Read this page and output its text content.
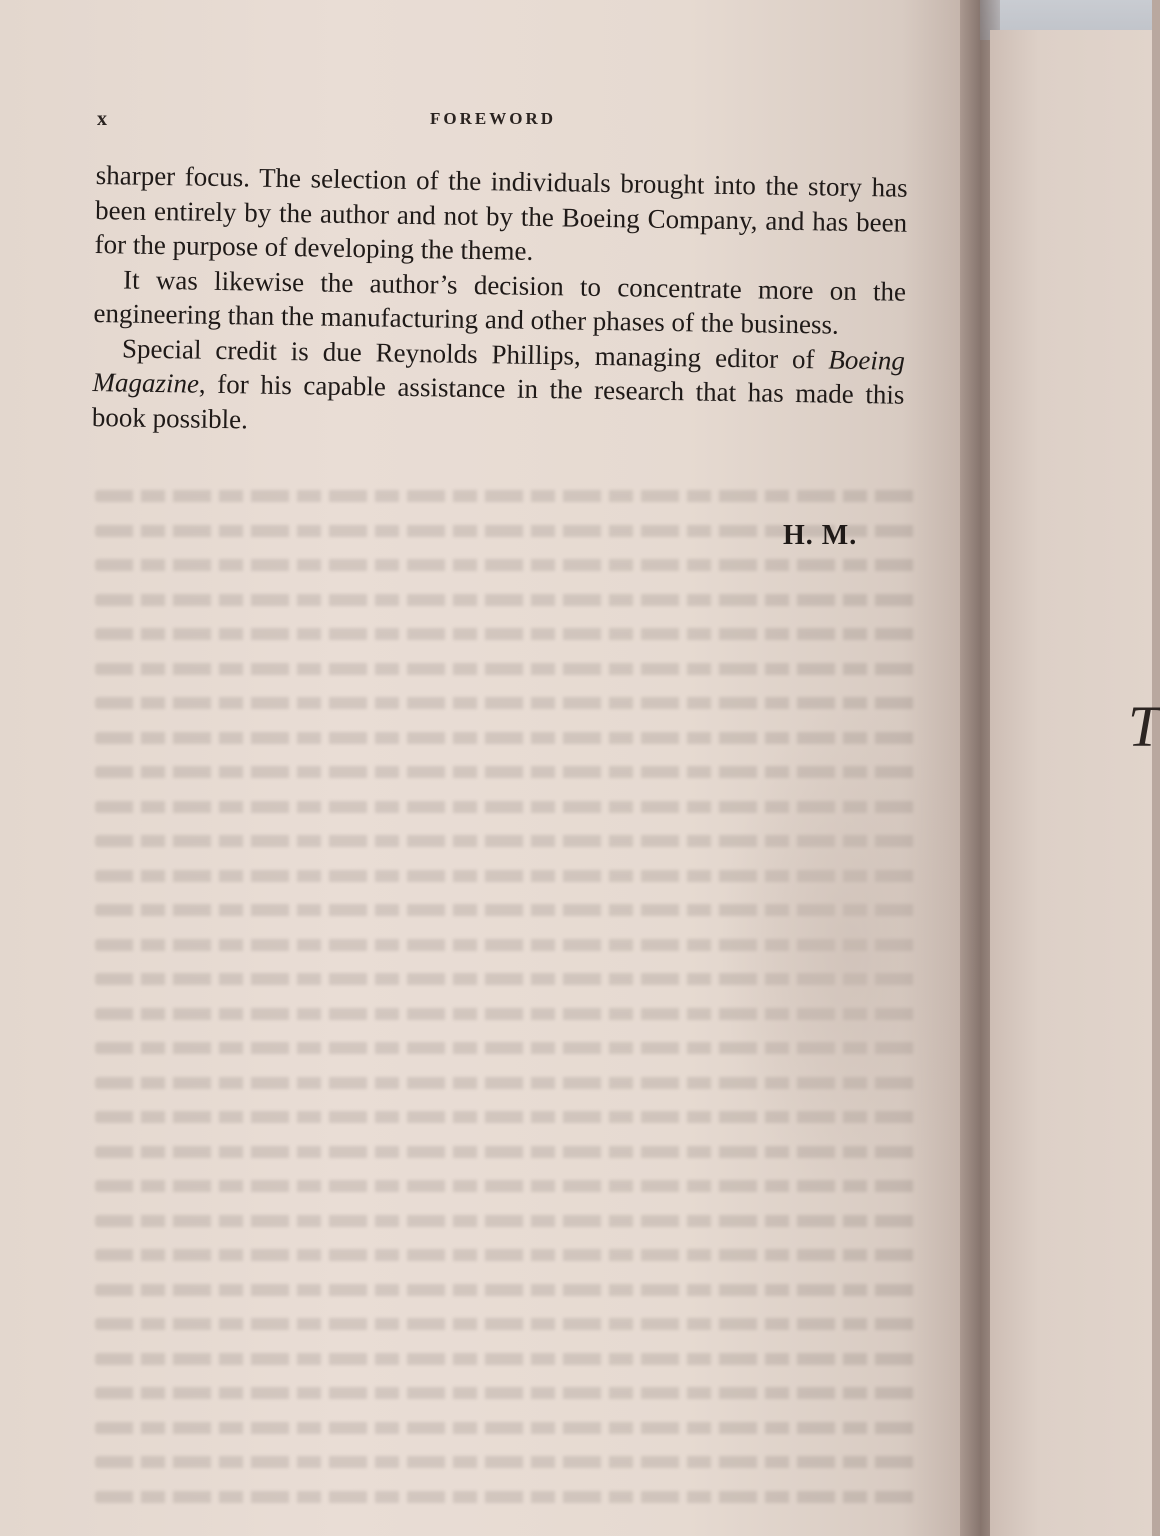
x	FOREWORD

sharper focus. The selection of the individuals brought into the story has been entirely by the author and not by the Boeing Company, and has been for the purpose of developing the theme.

It was likewise the author’s decision to concentrate more on the engineering than the manufacturing and other phases of the business.

Special credit is due Reynolds Phillips, managing editor of Boeing Magazine, for his capable assistance in the research that has made this book possible.

H. M.
T
